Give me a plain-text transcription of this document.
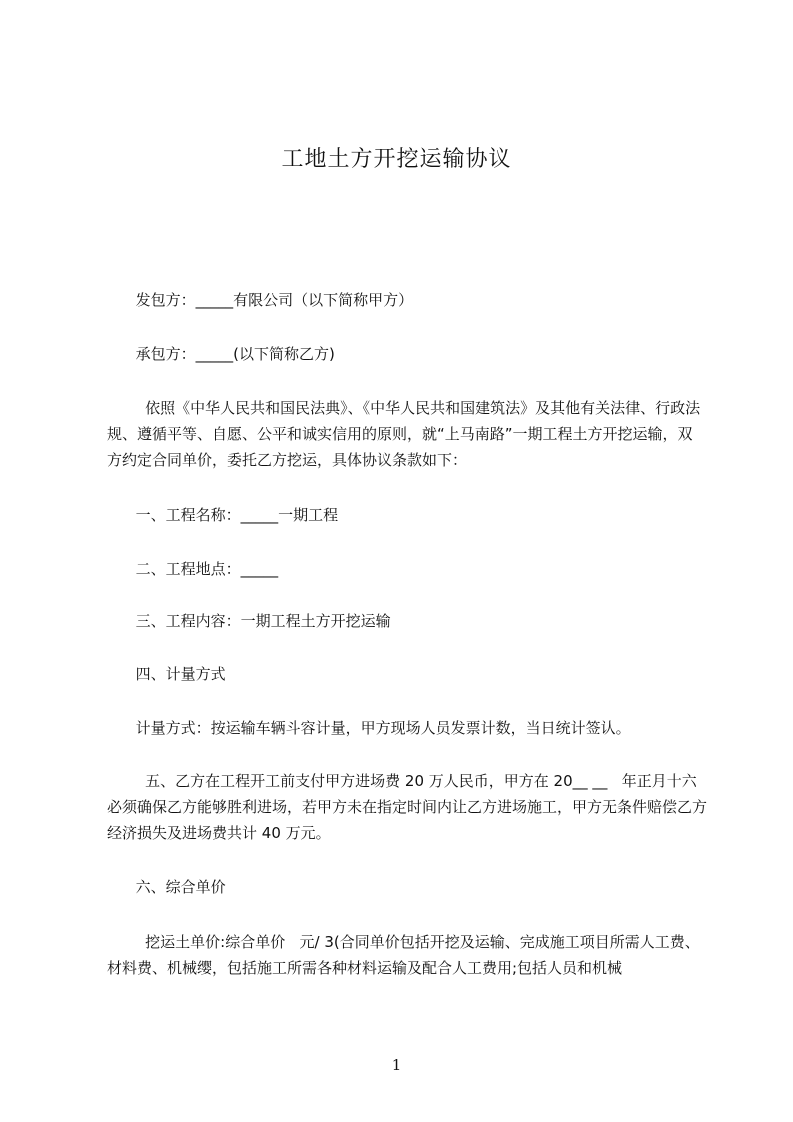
工地土方开挖运输协议

发包方：_____有限公司（以下简称甲方）

承包方：_____(以下简称乙方)

依照《中华人民共和国民法典》、《中华人民共和国建筑法》及其他有关法律、行政法规、遵循平等、自愿、公平和诚实信用的原则，就“上马南路”一期工程土方开挖运输，双方约定合同单价，委托乙方挖运，具体协议条款如下：

一、工程名称：_____一期工程

二、工程地点：_____

三、工程内容：一期工程土方开挖运输

四、计量方式

计量方式：按运输车辆斗容计量，甲方现场人员发票计数，当日统计签认。

五、乙方在工程开工前支付甲方进场费 20 万人民币，甲方在 20__ __   年正月十六必须确保乙方能够胜利进场，若甲方未在指定时间内让乙方进场施工，甲方无条件赔偿乙方经济损失及进场费共计 40 万元。

六、综合单价

挖运土单价:综合单价   元/ 3(合同单价包括开挖及运输、完成施工项目所需人工费、材料费、机械缨，包括施工所需各种材料运输及配合人工费用;包括人员和机械

1
